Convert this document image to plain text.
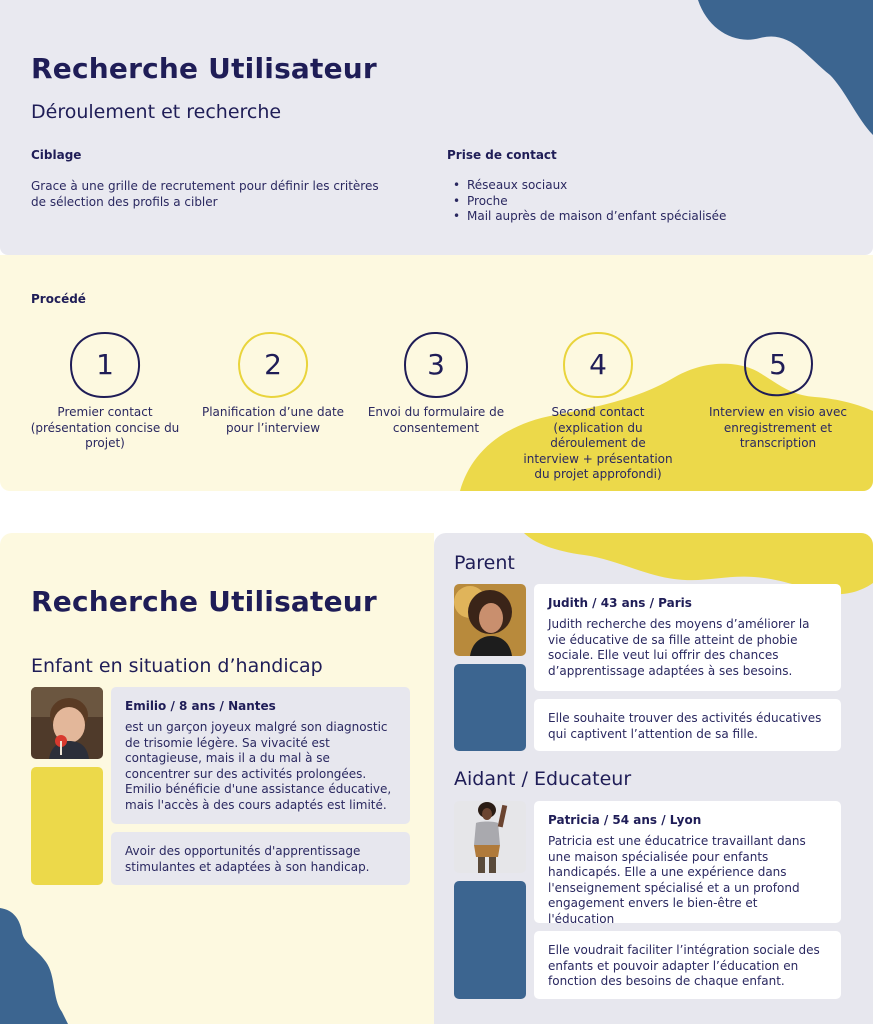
Recherche Utilisateur
Déroulement et recherche
Ciblage
Grace à une grille de recrutement pour définir les critères de sélection des profils a cibler
Prise de contact
• Réseaux sociaux
• Proche
• Mail auprès de maison d’enfant spécialisée
Procédé
1
Premier contact (présentation concise du projet)
2
Planification d’une date pour l’interview
3
Envoi du formulaire de consentement
4
Second contact (explication du déroulement de interview + présentation du projet approfondi)
5
Interview en visio avec enregistrement et transcription
Recherche Utilisateur
Enfant en situation d’handicap
Emilio / 8 ans / Nantes
est un garçon joyeux malgré son diagnostic de trisomie légère. Sa vivacité est contagieuse, mais il a du mal à se concentrer sur des activités prolongées. Emilio bénéficie d'une assistance éducative, mais l'accès à des cours adaptés est limité.
Avoir des opportunités d'apprentissage stimulantes et adaptées à son handicap.
Parent
Judith / 43 ans / Paris
Judith recherche des moyens d’améliorer la vie éducative de sa fille atteint de phobie sociale. Elle veut lui offrir des chances d’apprentissage adaptées à ses besoins.
Elle souhaite trouver des activités éducatives qui captivent l’attention de sa fille.
Aidant / Educateur
Patricia / 54 ans / Lyon
Patricia est une éducatrice travaillant dans une maison spécialisée pour enfants handicapés. Elle a une expérience dans l'enseignement spécialisé et a un profond engagement envers le bien-être et l'éducation
Elle voudrait faciliter l’intégration sociale des enfants et pouvoir adapter l’éducation en fonction des besoins de chaque enfant.
